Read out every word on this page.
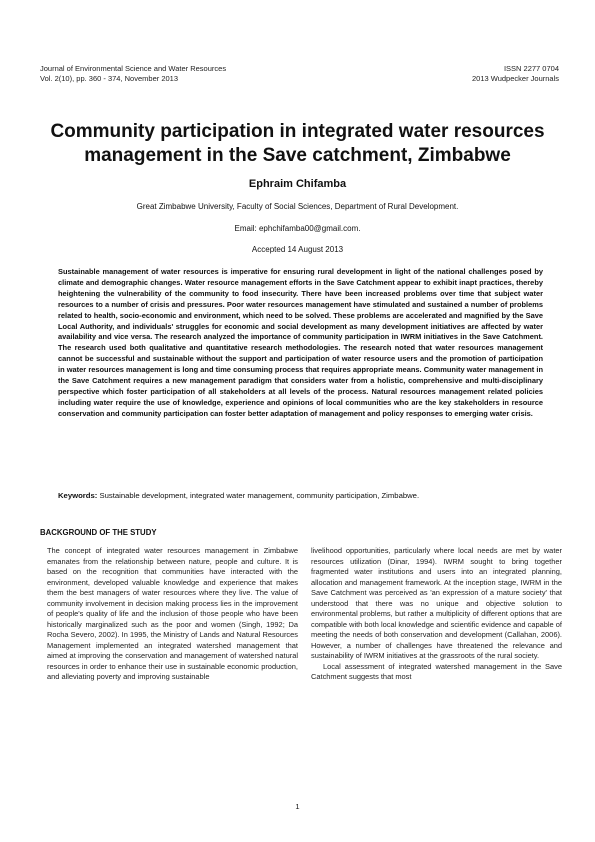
Journal of Environmental Science and Water Resources	ISSN 2277 0704
Vol. 2(10), pp. 360 - 374, November 2013	2013 Wudpecker Journals
Community participation in integrated water resources management in the Save catchment, Zimbabwe
Ephraim Chifamba
Great Zimbabwe University, Faculty of Social Sciences, Department of Rural Development.
Email: ephchifamba00@gmail.com.
Accepted 14 August 2013
Sustainable management of water resources is imperative for ensuring rural development in light of the national challenges posed by climate and demographic changes. Water resource management efforts in the Save Catchment appear to exhibit inapt practices, thereby heightening the vulnerability of the community to food insecurity. There have been increased problems over time that subject water resources to a number of crisis and pressures. Poor water resources management have stimulated and sustained a number of problems related to health, socio-economic and environment, which need to be solved. These problems are accelerated and magnified by the Save Local Authority, and individuals' struggles for economic and social development as many development initiatives are affected by water availability and vice versa. The research analyzed the importance of community participation in IWRM initiatives in the Save Catchment. The research used both qualitative and quantitative research methodologies. The research noted that water resources management cannot be successful and sustainable without the support and participation of water resource users and the promotion of participation in water resources management is long and time consuming process that requires appropriate means. Community water management in the Save Catchment requires a new management paradigm that considers water from a holistic, comprehensive and multi-disciplinary perspective which foster participation of all stakeholders at all levels of the process. Natural resources management related policies including water require the use of knowledge, experience and opinions of local communities who are the key stakeholders in resource conservation and community participation can foster better adaptation of management and policy responses to emerging water crisis.
Keywords: Sustainable development, integrated water management, community participation, Zimbabwe.
BACKGROUND OF THE STUDY

The concept of integrated water resources management in Zimbabwe emanates from the relationship between nature, people and culture. It is based on the recognition that communities have interacted with the environment, developed valuable knowledge and experience that makes them the best managers of water resources where they live. The value of community involvement in decision making process lies in the improvement of people's quality of life and the inclusion of those people who have been historically marginalized such as the poor and women (Singh, 1992; Da Rocha Severo, 2002). In 1995, the Ministry of Lands and Natural Resources Management implemented an integrated watershed management that aimed at improving the conservation and management of watershed natural resources in order to enhance their use in sustainable economic production, and alleviating poverty and improving sustainable

livelihood opportunities, particularly where local needs are met by water resources utilization (Dinar, 1994). IWRM sought to bring together fragmented water institutions and users into an integrated planning, allocation and management framework. At the inception stage, IWRM in the Save Catchment was perceived as 'an expression of a mature society' that understood that there was no unique and objective solution to environmental problems, but rather a multiplicity of different options that are compatible with both local knowledge and scientific evidence and capable of meeting the needs of both conservation and development (Callahan, 2006). However, a number of challenges have threatened the relevance and sustainability of IWRM initiatives at the grassroots of the rural society.

Local assessment of integrated watershed management in the Save Catchment suggests that most

1
